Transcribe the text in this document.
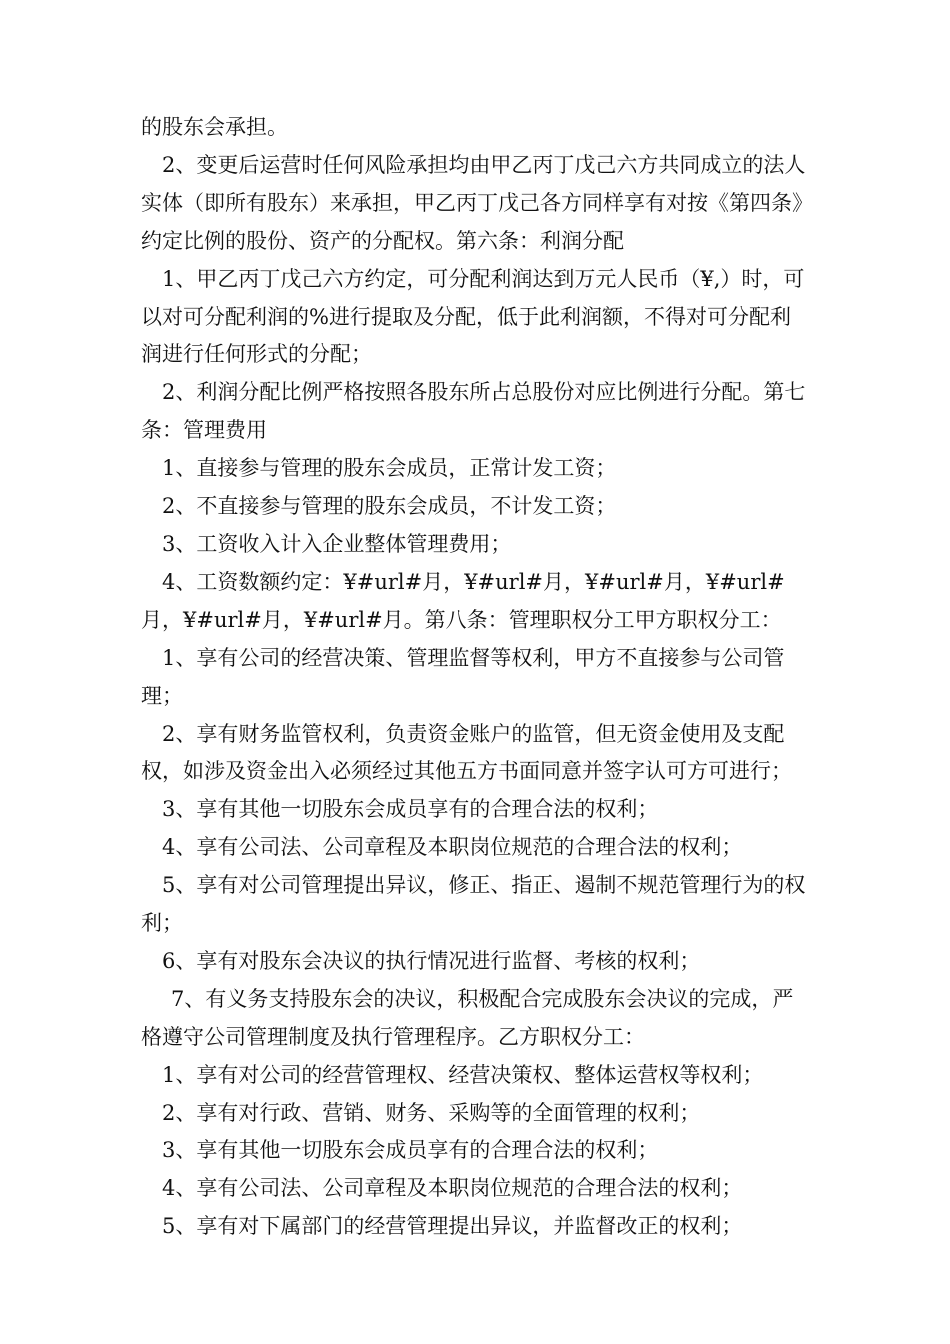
的股东会承担。

2、变更后运营时任何风险承担均由甲乙丙丁戊己六方共同成立的法人实体（即所有股东）来承担，甲乙丙丁戊己各方同样享有对按《第四条》约定比例的股份、资产的分配权。第六条：利润分配

1、甲乙丙丁戊己六方约定，可分配利润达到万元人民币（¥,）时，可以对可分配利润的%进行提取及分配，低于此利润额，不得对可分配利润进行任何形式的分配；

2、利润分配比例严格按照各股东所占总股份对应比例进行分配。第七条：管理费用

1、直接参与管理的股东会成员，正常计发工资；

2、不直接参与管理的股东会成员，不计发工资；

3、工资收入计入企业整体管理费用；

4、工资数额约定：¥#url#月，¥#url#月，¥#url#月，¥#url#月，¥#url#月，¥#url#月。第八条：管理职权分工甲方职权分工：

1、享有公司的经营决策、管理监督等权利，甲方不直接参与公司管理；

2、享有财务监管权利，负责资金账户的监管，但无资金使用及支配权，如涉及资金出入必须经过其他五方书面同意并签字认可方可进行；

3、享有其他一切股东会成员享有的合理合法的权利；

4、享有公司法、公司章程及本职岗位规范的合理合法的权利；

5、享有对公司管理提出异议，修正、指正、遏制不规范管理行为的权利；

6、享有对股东会决议的执行情况进行监督、考核的权利；

7、有义务支持股东会的决议，积极配合完成股东会决议的完成，严格遵守公司管理制度及执行管理程序。乙方职权分工：

1、享有对公司的经营管理权、经营决策权、整体运营权等权利；

2、享有对行政、营销、财务、采购等的全面管理的权利；

3、享有其他一切股东会成员享有的合理合法的权利；

4、享有公司法、公司章程及本职岗位规范的合理合法的权利；

5、享有对下属部门的经营管理提出异议，并监督改正的权利；
